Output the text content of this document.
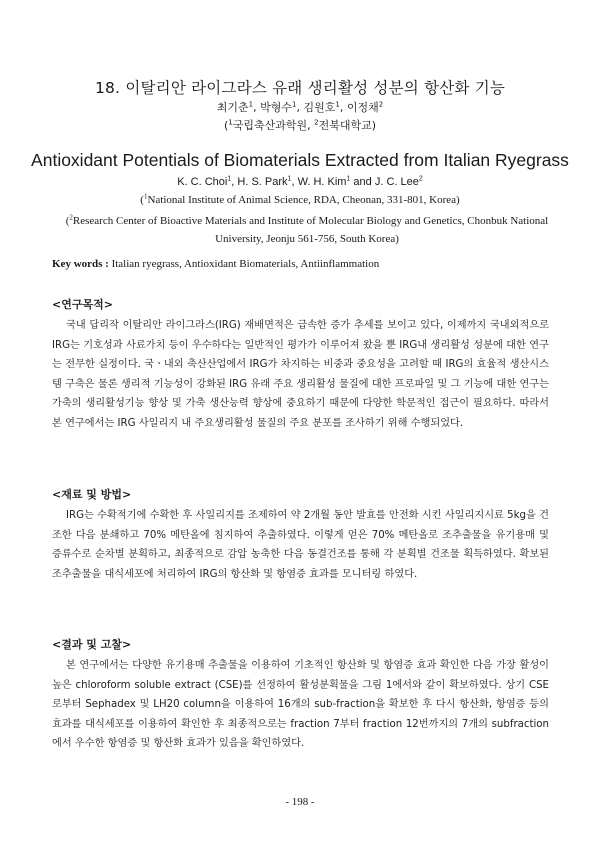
18. 이탈리안 라이그라스 유래 생리활성 성분의 항산화 기능
최기춘$^1$, 박형수$^1$, 김원호$^1$, 이정채$^2$
($^1$국립축산과학원, $^2$전북대학교)
Antioxidant Potentials of Biomaterials Extracted from Italian Ryegrass
K. C. Choi$^1$, H. S. Park$^1$, W. H. Kim$^1$ and J. C. Lee$^2$
($^1$National Institute of Animal Science, RDA, Cheonan, 331-801, Korea)
($^2$Research Center of Bioactive Materials and Institute of Molecular Biology and Genetics, Chonbuk National University, Jeonju 561-756, South Korea)
Key words : Italian ryegrass, Antioxidant Biomaterials, Antiinflammation
<연구목적>
국내 답리작 이탈리안 라이그라스(IRG) 재배면적은 급속한 증가 추세를 보이고 있다, 이제까지 국내외적으로 IRG는 기호성과 사료가치 등이 우수하다는 일반적인 평가가 이루어져 왔을 뿐 IRG내 생리활성 성분에 대한 연구는 전무한 실정이다. 국ㆍ내외 축산산업에서 IRG가 차지하는 비중과 중요성을 고려할 때 IRG의 효율적 생산시스템 구축은 물론 생리적 기능성이 강화된 IRG 유래 주요 생리활성 물질에 대한 프로파일 및 그 기능에 대한 연구는 가축의 생리활성기능 향상 및 가축 생산능력 향상에 중요하기 때문에 다양한 학문적인 접근이 필요하다. 따라서 본 연구에서는 IRG 사일리지 내 주요생리활성 물질의 주요 분포를 조사하기 위해 수행되었다.
<재료 및 방법>
IRG는 수확적기에 수확한 후 사일리지를 조제하여 약 2개월 동안 발효를 안전화 시킨 사일리지시료 5kg을 건조한 다음 분쇄하고 70% 메탄올에 침지하여 추출하였다. 이렇게 얻은 70% 메탄올로 조추출물을 유기용매 및 증류수로 순차별 분획하고, 최종적으로 감압 농축한 다음 동결건조를 통해 각 분획별 건조물 획득하였다. 확보된 조추출물을 대식세포에 처리하여 IRG의 항산화 및 항염증 효과를 모니터링 하였다.
<결과 및 고찰>
본 연구에서는 다양한 유기용매 추출물을 이용하여 기초적인 항산화 및 항염증 효과 확인한 다음 가장 활성이 높은 chloroform soluble extract (CSE)를 선정하여 활성분획물을 그림 1에서와 같이 확보하였다. 상기 CSE로부터 Sephadex 및 LH20 column을 이용하여 16개의 sub-fraction을 확보한 후 다시 항산화, 항염증 등의 효과를 대식세포를 이용하여 확인한 후 최종적으로는 fraction 7부터 fraction 12번까지의 7개의 subfraction에서 우수한 항염증 및 항산화 효과가 있음을 확인하였다.
- 198 -
